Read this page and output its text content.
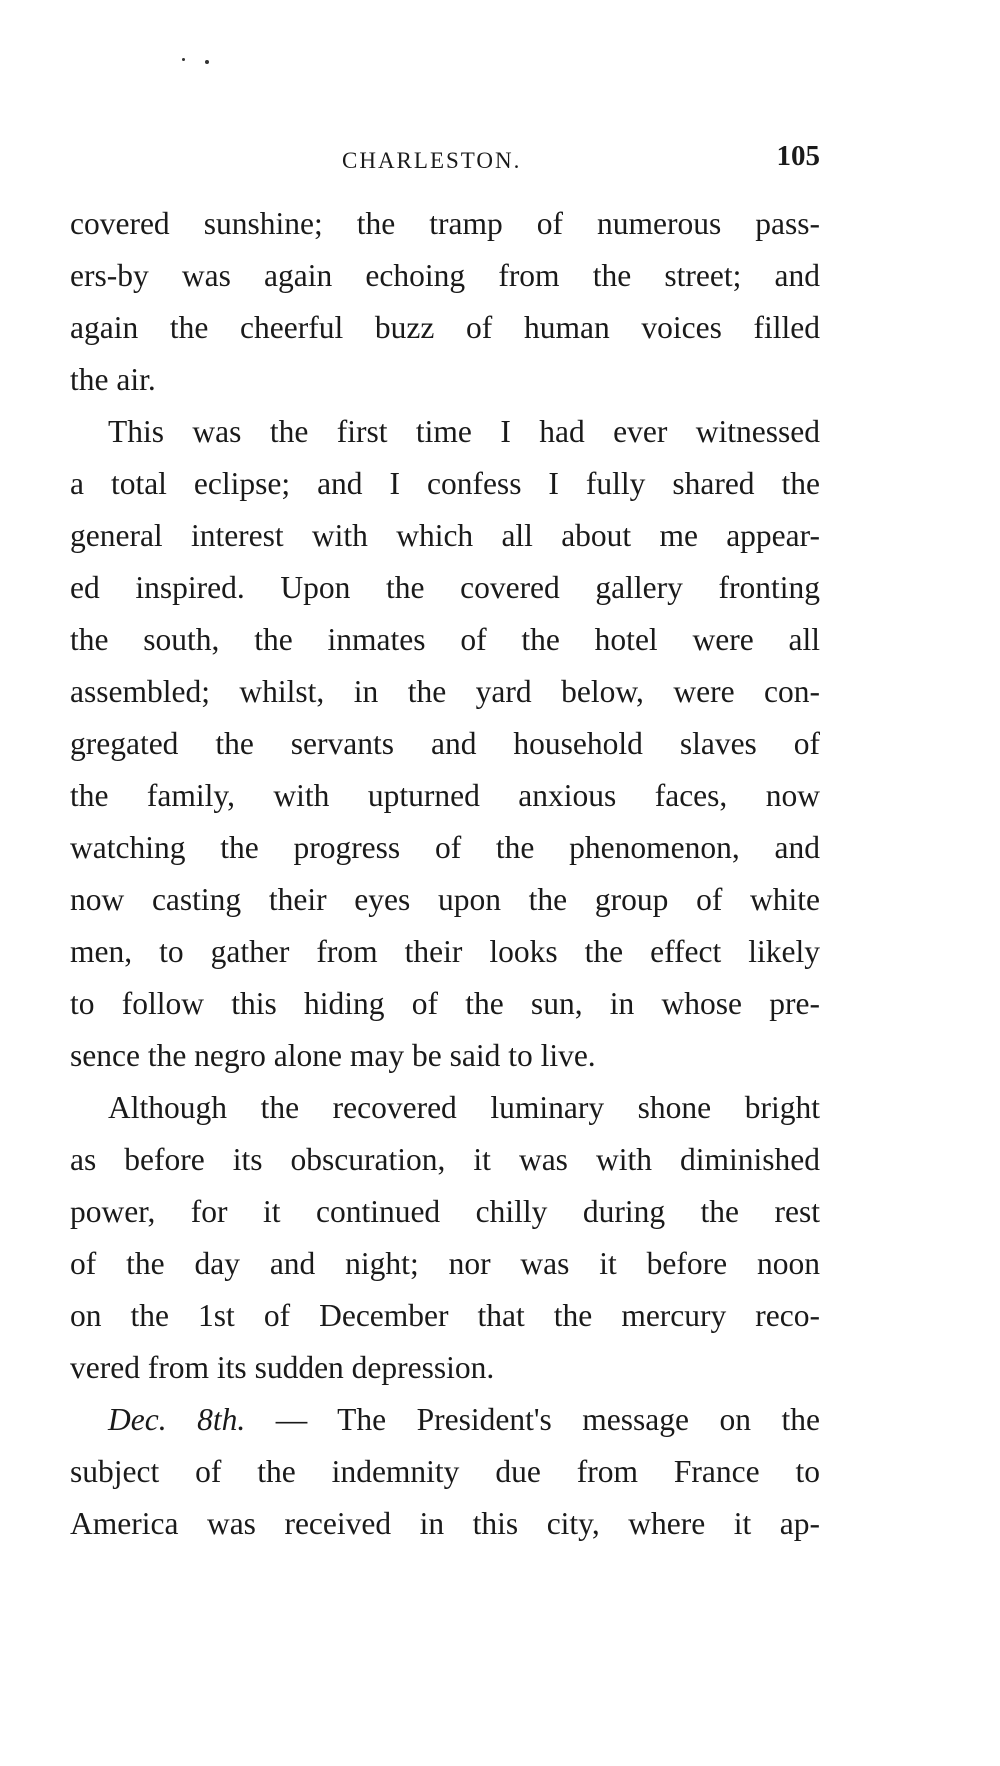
CHARLESTON.	105
covered sunshine; the tramp of numerous pass-
ers-by was again echoing from the street; and
again the cheerful buzz of human voices filled
the air.
This was the first time I had ever witnessed
a total eclipse; and I confess I fully shared the
general interest with which all about me appear-
ed inspired. Upon the covered gallery fronting
the south, the inmates of the hotel were all
assembled; whilst, in the yard below, were con-
gregated the servants and household slaves of
the family, with upturned anxious faces, now
watching the progress of the phenomenon, and
now casting their eyes upon the group of white
men, to gather from their looks the effect likely
to follow this hiding of the sun, in whose pre-
sence the negro alone may be said to live.
Although the recovered luminary shone bright
as before its obscuration, it was with diminished
power, for it continued chilly during the rest
of the day and night; nor was it before noon
on the 1st of December that the mercury reco-
vered from its sudden depression.
Dec. 8th. — The President's message on the
subject of the indemnity due from France to
America was received in this city, where it ap-
